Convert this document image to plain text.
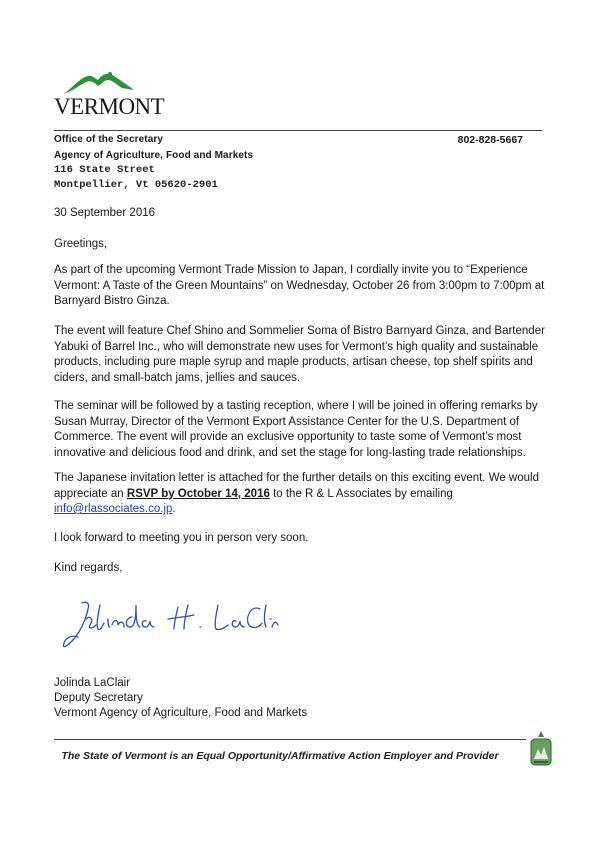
VERMONT
Office of the Secretary
Agency of Agriculture, Food and Markets
116 State Street
Montpellier, Vt 05620-2901
802-828-5667
30 September 2016
Greetings,
As part of the upcoming Vermont Trade Mission to Japan, I cordially invite you to “Experience Vermont: A Taste of the Green Mountains” on Wednesday, October 26 from 3:00pm to 7:00pm at Barnyard Bistro Ginza.
The event will feature Chef Shino and Sommelier Soma of Bistro Barnyard Ginza, and Bartender Yabuki of Barrel Inc., who will demonstrate new uses for Vermont’s high quality and sustainable products, including pure maple syrup and maple products, artisan cheese, top shelf spirits and ciders, and small-batch jams, jellies and sauces.
The seminar will be followed by a tasting reception, where I will be joined in offering remarks by Susan Murray, Director of the Vermont Export Assistance Center for the U.S. Department of Commerce. The event will provide an exclusive opportunity to taste some of Vermont’s most innovative and delicious food and drink, and set the stage for long-lasting trade relationships.
The Japanese invitation letter is attached for the further details on this exciting event. We would appreciate an RSVP by October 14, 2016 to the R & L Associates by emailing info@rlassociates.co.jp.
I look forward to meeting you in person very soon.
Kind regards,
Jolinda LaClair
Deputy Secretary
Vermont Agency of Agriculture, Food and Markets
The State of Vermont is an Equal Opportunity/Affirmative Action Employer and Provider
